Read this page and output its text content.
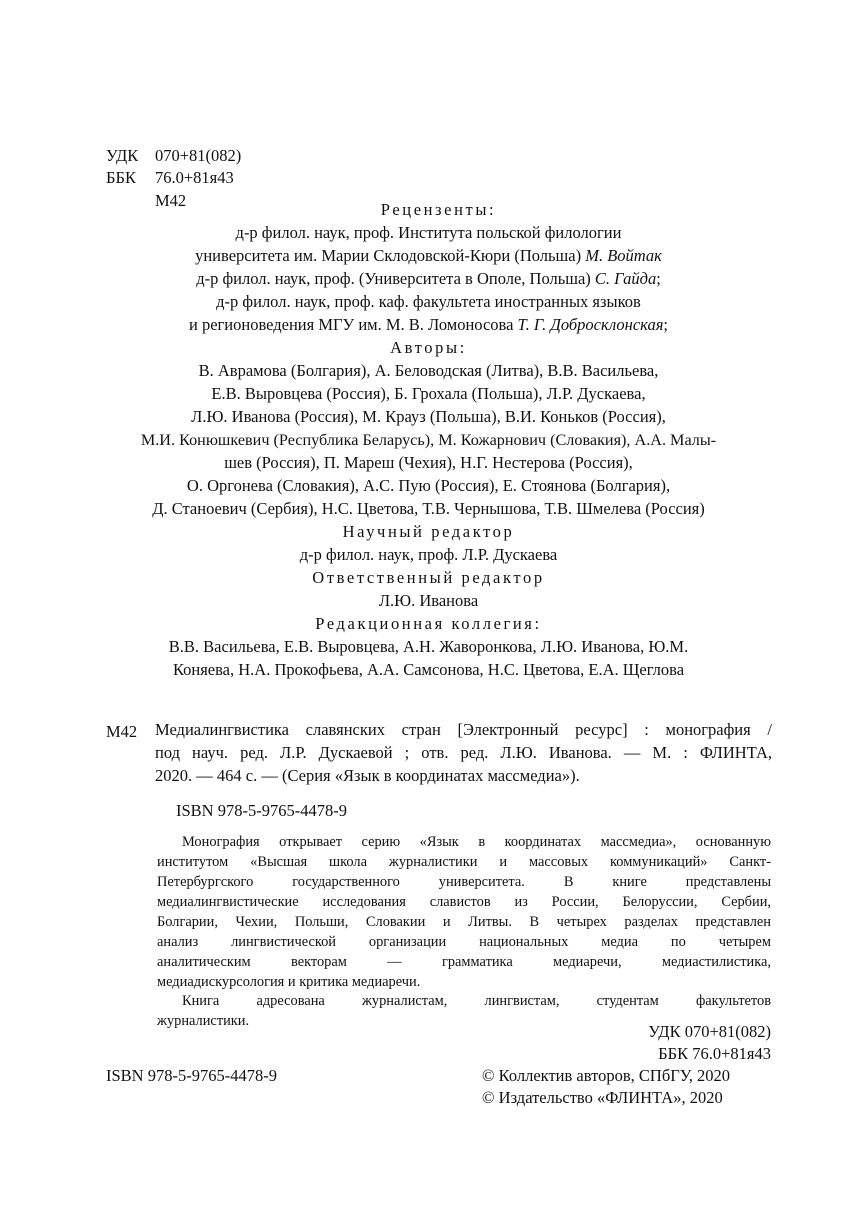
УДК 070+81(082)
ББК 76.0+81я43
М42	Рецензенты:
д-р филол. наук, проф. Института польской филологии
университета им. Марии Склодовской-Кюри (Польша) М. Войтак
д-р филол. наук, проф. (Университета в Ополе, Польша) С. Гайда;
д-р филол. наук, проф. каф. факультета иностранных языков
и регионоведения МГУ им. М. В. Ломоносова Т. Г. Добросклонская;
Авторы:
В. Аврамова (Болгария), А. Беловодская (Литва), В.В. Васильева,
Е.В. Выровцева (Россия), Б. Грохала (Польша), Л.Р. Дускаева,
Л.Ю. Иванова (Россия), М. Крауз (Польша), В.И. Коньков (Россия),
М.И. Конюшкевич (Республика Беларусь), М. Кожарнович (Словакия), А.А. Малы-
шев (Россия), П. Мареш (Чехия), Н.Г. Нестерова (Россия),
О. Оргонева (Словакия), А.С. Пую (Россия), Е. Стоянова (Болгария),
Д. Станоевич (Сербия), Н.С. Цветова, Т.В. Чернышова, Т.В. Шмелева (Россия)
Научный редактор
д-р филол. наук, проф. Л.Р. Дускаева
Ответственный редактор
Л.Ю. Иванова
Редакционная коллегия:
В.В. Васильева, Е.В. Выровцева, А.Н. Жаворонкова, Л.Ю. Иванова, Ю.М.
Коняева, Н.А. Прокофьева, А.А. Самсонова, Н.С. Цветова, Е.А. Щеглова
М42 Медиалингвистика славянских стран [Электронный ресурс] : монография /
под науч. ред. Л.Р. Дускаевой ; отв. ред. Л.Ю. Иванова. — М. : ФЛИНТА,
2020. — 464 с. — (Серия «Язык в координатах массмедиа»).
ISBN 978-5-9765-4478-9
Монография открывает серию «Язык в координатах массмедиа», основанную
институтом «Высшая школа журналистики и массовых коммуникаций» Санкт-
Петербургского государственного университета. В книге представлены
медиалингвистические исследования славистов из России, Белоруссии, Сербии,
Болгарии, Чехии, Польши, Словакии и Литвы. В четырех разделах представлен
анализ лингвистической организации национальных медиа по четырем
аналитическим векторам — грамматика медиаречи, медиастилистика,
медиадискурсология и критика медиаречи.
Книга адресована журналистам, лингвистам, студентам факультетов
журналистики.
УДК 070+81(082)
ББК 76.0+81я43
ISBN 978-5-9765-4478-9	© Коллектив авторов, СПбГУ, 2020
© Издательство «ФЛИНТА», 2020
